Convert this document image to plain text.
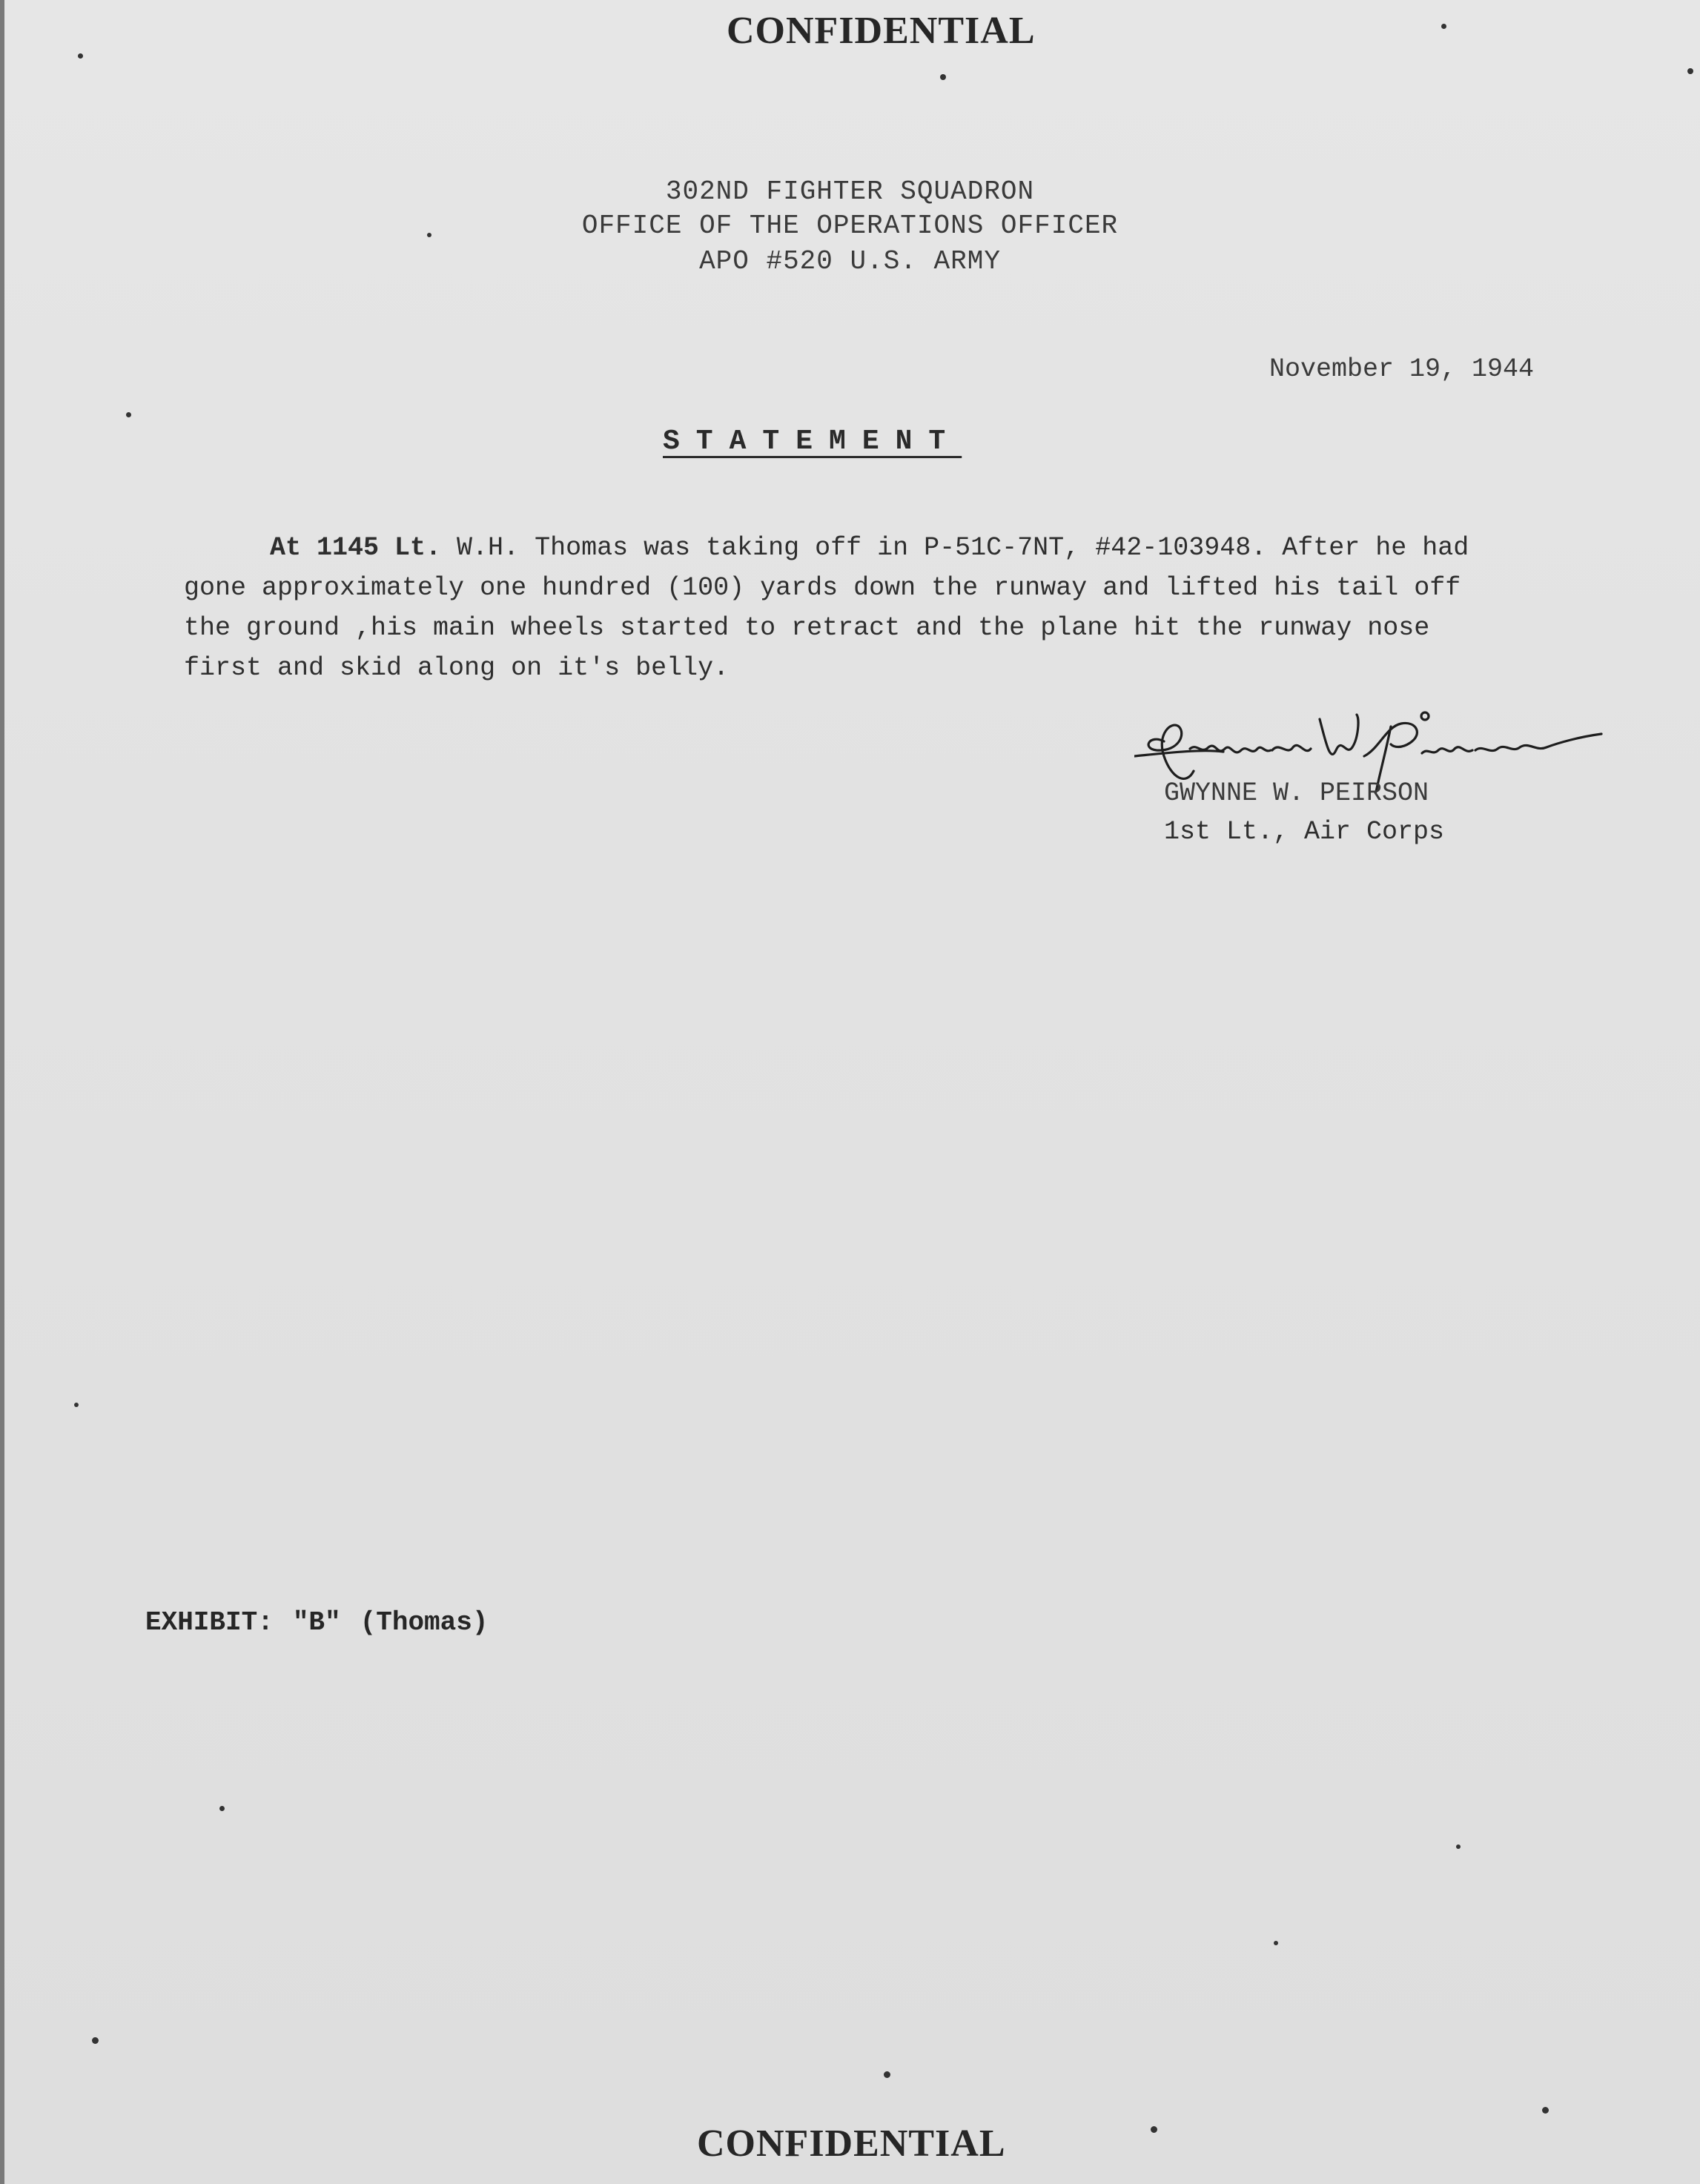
CONFIDENTIAL
302ND FIGHTER SQUADRON
OFFICE OF THE OPERATIONS OFFICER
APO #520 U.S. ARMY
November 19, 1944
STATEMENT
At 1145 Lt. W.H. Thomas was taking off in P-51C-7NT, #42-103948. After he had
gone approximately one hundred (100) yards down the runway and lifted his tail off
the ground ,his main wheels started to retract and the plane hit the runway nose
first and skid along on it's belly.
GWYNNE W. PEIRSON
1st Lt., Air Corps
EXHIBIT: "B" (Thomas)
CONFIDENTIAL
